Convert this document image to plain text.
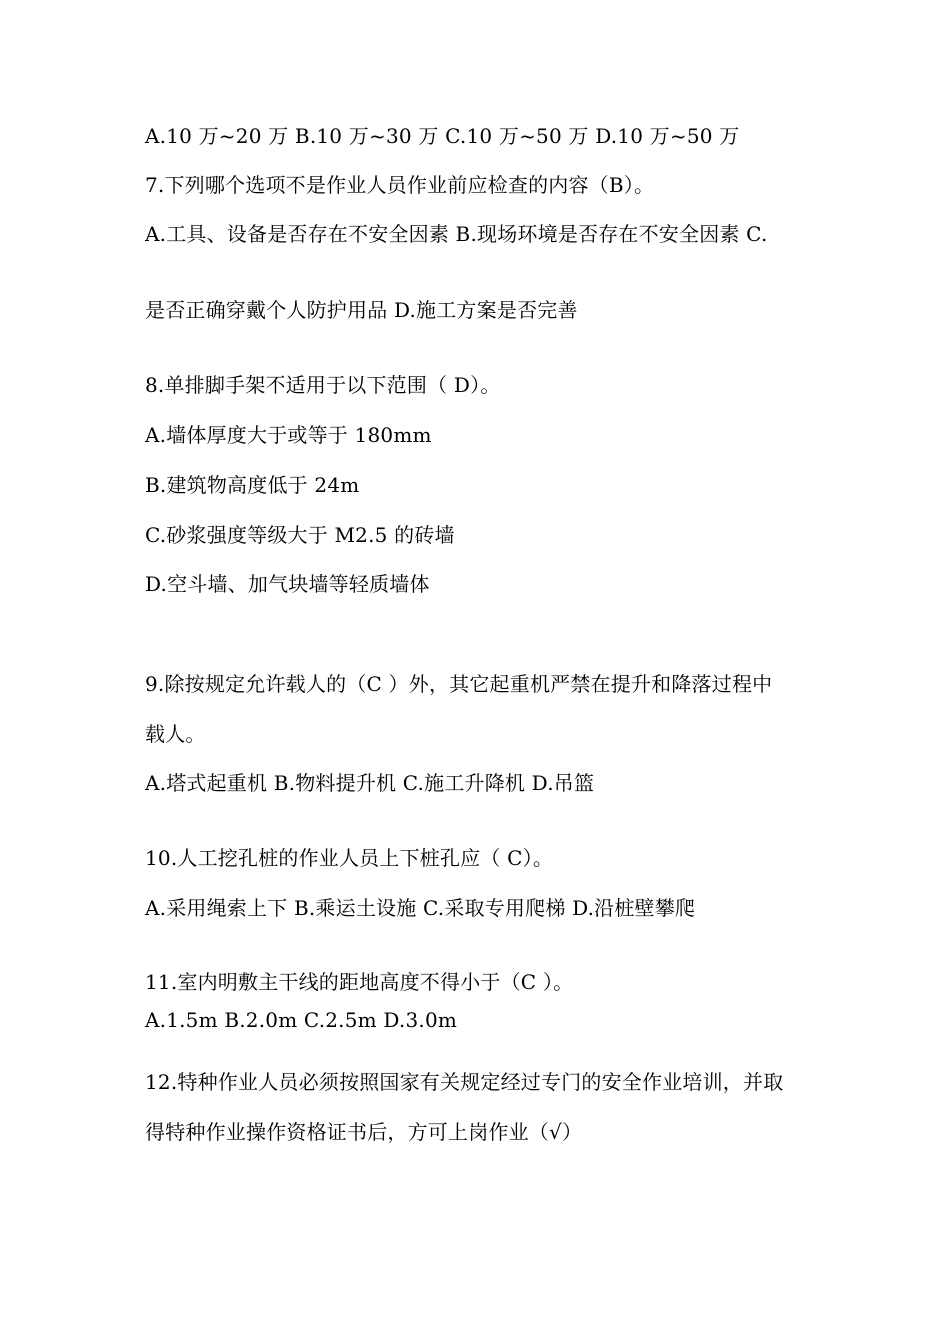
A.10 万~20 万 B.10 万~30 万 C.10 万~50 万 D.10 万~50 万
7.下列哪个选项不是作业人员作业前应检查的内容（B）。
A.工具、设备是否存在不安全因素 B.现场环境是否存在不安全因素 C.
是否正确穿戴个人防护用品 D.施工方案是否完善
8.单排脚手架不适用于以下范围（ D）。
A.墙体厚度大于或等于 180mm
B.建筑物高度低于 24m
C.砂浆强度等级大于 M2.5 的砖墙
D.空斗墙、加气块墙等轻质墙体
9.除按规定允许载人的（C ）外，其它起重机严禁在提升和降落过程中
载人。
A.塔式起重机 B.物料提升机 C.施工升降机 D.吊篮
10.人工挖孔桩的作业人员上下桩孔应（ C）。
A.采用绳索上下 B.乘运土设施 C.采取专用爬梯 D.沿桩壁攀爬
11.室内明敷主干线的距地高度不得小于（C ）。
A.1.5m B.2.0m C.2.5m D.3.0m
12.特种作业人员必须按照国家有关规定经过专门的安全作业培训，并取
得特种作业操作资格证书后，方可上岗作业（√）
